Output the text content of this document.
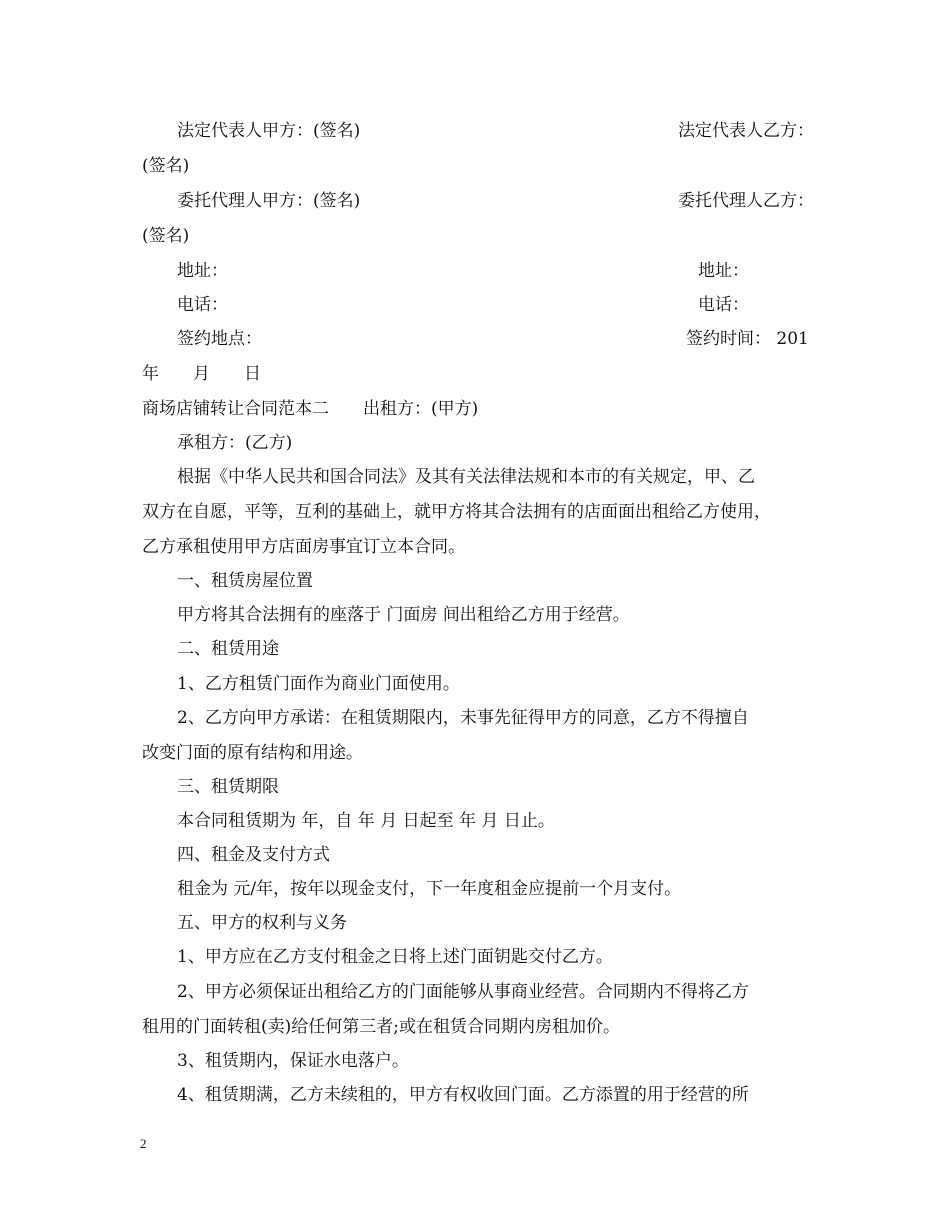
法定代表人甲方：(签名)	法定代表人乙方：
(签名)
委托代理人甲方：(签名)	委托代理人乙方：
(签名)
地址：	地址：
电话：	电话：
签约地点：	签约时间： 201
年　　月　　日
商场店铺转让合同范本二　　出租方：(甲方)
承租方：(乙方)
根据《中华人民共和国合同法》及其有关法律法规和本市的有关规定，甲、乙
双方在自愿，平等，互利的基础上，就甲方将其合法拥有的店面面出租给乙方使用，
乙方承租使用甲方店面房事宜订立本合同。
一、租赁房屋位置
甲方将其合法拥有的座落于 门面房 间出租给乙方用于经营。
二、租赁用途
1、乙方租赁门面作为商业门面使用。
2、乙方向甲方承诺：在租赁期限内，未事先征得甲方的同意，乙方不得擅自
改变门面的原有结构和用途。
三、租赁期限
本合同租赁期为 年，自 年 月 日起至 年 月 日止。
四、租金及支付方式
租金为 元/年，按年以现金支付，下一年度租金应提前一个月支付。
五、甲方的权利与义务
1、甲方应在乙方支付租金之日将上述门面钥匙交付乙方。
2、甲方必须保证出租给乙方的门面能够从事商业经营。合同期内不得将乙方
租用的门面转租(卖)给任何第三者;或在租赁合同期内房租加价。
3、租赁期内，保证水电落户。
4、租赁期满，乙方未续租的，甲方有权收回门面。乙方添置的用于经营的所
2
